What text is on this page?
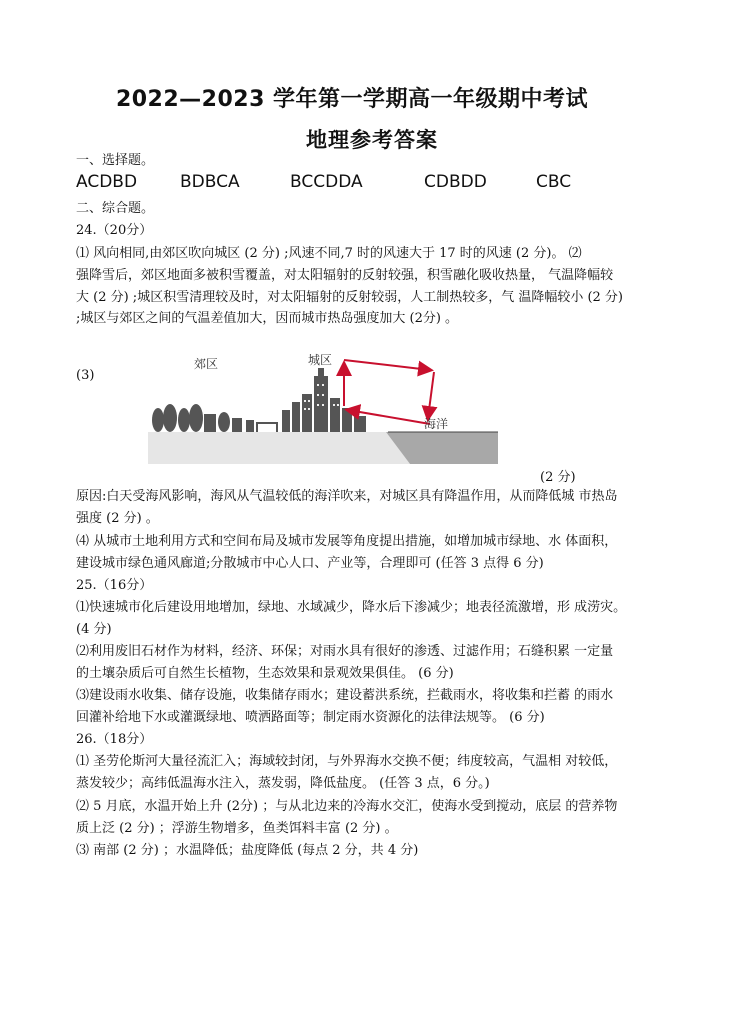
2022—2023 学年第一学期高一年级期中考试
地理参考答案
一、选择题。
ACDBD	BDBCA	BCCDDA	CDBDD	CBC
二、综合题。
24.（20分）
⑴ 风向相同,由郊区吹向城区 (2 分) ;风速不同,7 时的风速大于 17 时的风速 (2 分)。 ⑵
强降雪后，郊区地面多被积雪覆盖，对太阳辐射的反射较强，积雪融化吸收热量， 气温降幅较
大 (2 分) ;城区积雪清理较及时，对太阳辐射的反射较弱，人工制热较多，气 温降幅较小 (2 分)
;城区与郊区之间的气温差值加大，因而城市热岛强度加大 (2分) 。
(3)
郊区	城区
海洋
(2 分)
原因:白天受海风影响，海风从气温较低的海洋吹来，对城区具有降温作用，从而降低城 市热岛
强度 (2 分) 。
⑷ 从城市土地利用方式和空间布局及城市发展等角度提出措施，如增加城市绿地、水 体面积，
建设城市绿色通风廊道;分散城市中心人口、产业等，合理即可 (任答 3 点得 6 分)
25.（16分）
⑴快速城市化后建设用地增加，绿地、水域减少，降水后下渗减少；地表径流激增，形 成涝灾。
(4 分)
⑵利用废旧石材作为材料，经济、环保；对雨水具有很好的渗透、过滤作用；石缝积累 一定量
的土壤杂质后可自然生长植物，生态效果和景观效果俱佳。 (6 分)
⑶建设雨水收集、储存设施，收集储存雨水；建设蓄洪系统，拦截雨水，将收集和拦蓄 的雨水
回灌补给地下水或灌溉绿地、喷洒路面等；制定雨水资源化的法律法规等。 (6 分)
26.（18分）
⑴ 圣劳伦斯河大量径流汇入；海域较封闭，与外界海水交换不便；纬度较高，气温相 对较低，
蒸发较少；高纬低温海水注入，蒸发弱，降低盐度。 (任答 3 点，6 分。)
⑵ 5 月底，水温开始上升 (2分) ；与从北边来的冷海水交汇，使海水受到搅动，底层 的营养物
质上泛 (2 分) ；浮游生物增多，鱼类饵料丰富 (2 分) 。
⑶ 南部 (2 分) ；水温降低；盐度降低 (每点 2 分，共 4 分)
